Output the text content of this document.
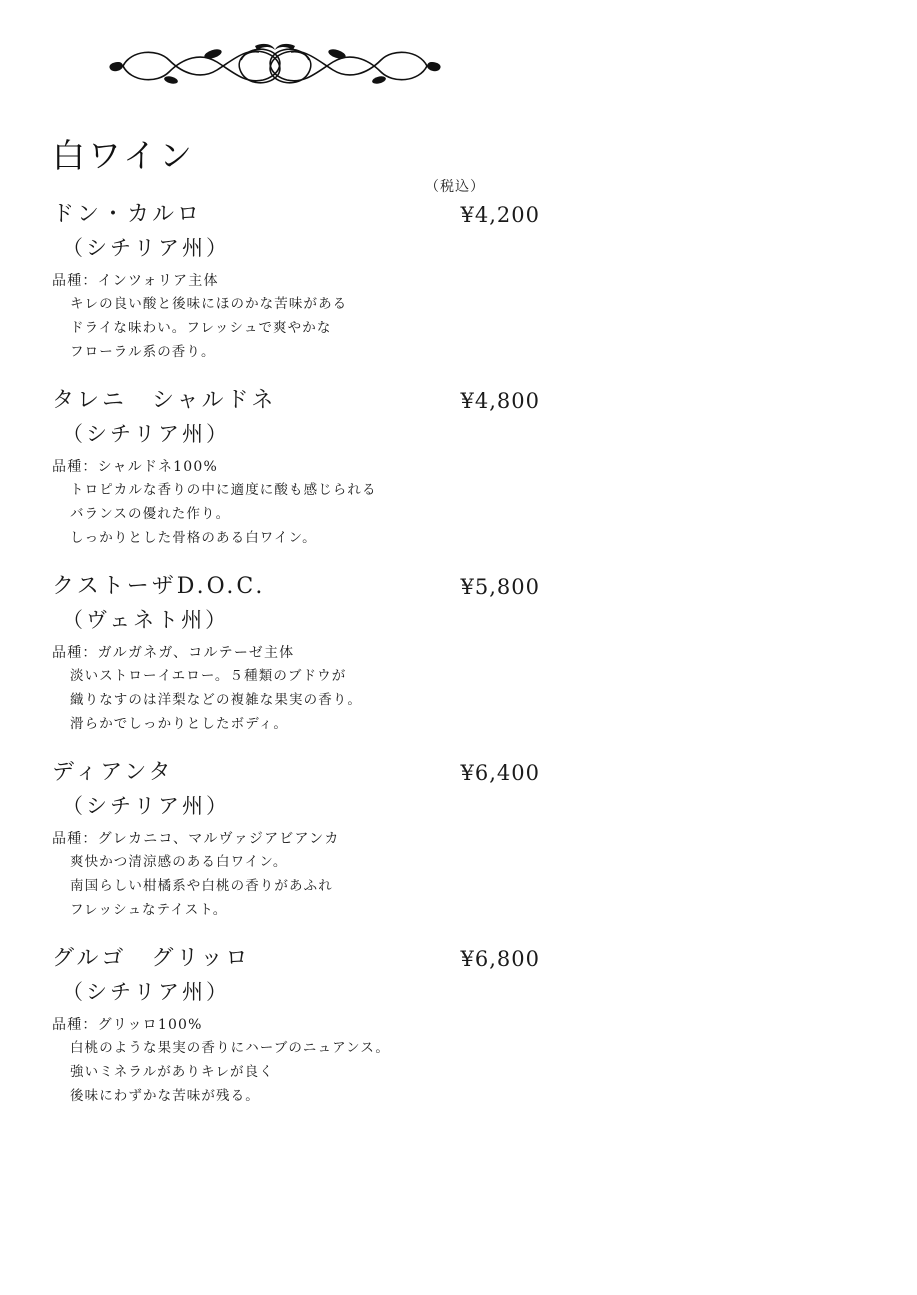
白ワイン
（税込）
ドン・カルロ	¥4,200
（シチリア州）
品種：インツォリア主体
キレの良い酸と後味にほのかな苦味がある
ドライな味わい。フレッシュで爽やかな
フローラル系の香り。
タレニ　シャルドネ	¥4,800
（シチリア州）
品種：シャルドネ100%
トロピカルな香りの中に適度に酸も感じられる
バランスの優れた作り。
しっかりとした骨格のある白ワイン。
クストーザD.O.C.	¥5,800
（ヴェネト州）
品種：ガルガネガ、コルテーゼ主体
淡いストローイエロー。５種類のブドウが
織りなすのは洋梨などの複雑な果実の香り。
滑らかでしっかりとしたボディ。
ディアンタ	¥6,400
（シチリア州）
品種：グレカニコ、マルヴァジアビアンカ
爽快かつ清涼感のある白ワイン。
南国らしい柑橘系や白桃の香りがあふれ
フレッシュなテイスト。
グルゴ　グリッロ	¥6,800
（シチリア州）
品種：グリッロ100%
白桃のような果実の香りにハーブのニュアンス。
強いミネラルがありキレが良く
後味にわずかな苦味が残る。
